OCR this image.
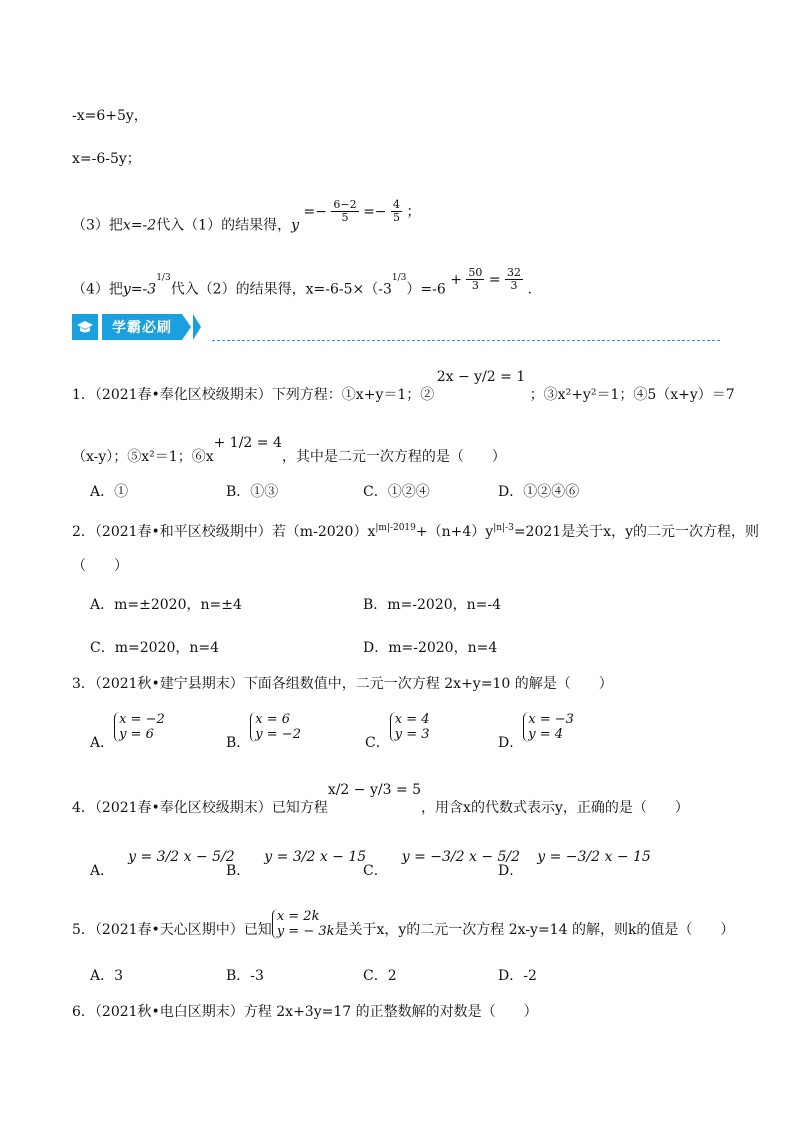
-x=6+5y，
x=-6-5y；
（3）把x=-2代入（1）的结果得，$y =- \frac{6-2}{5} =- \frac{4}{5}$ ；
（4）把$y=-3^{1/3}$代入（2）的结果得，$x=-6-5\times(-3^{1/3})=-6 + \frac{50}{3} = \frac{32}{3}$ .
学霸必刷
1．（2021春•奉化区校级期末）下列方程：①x+y＝1；② 2x − y/2 = 1 ；③x²+y²＝1；④5（x+y）＝7
（x-y）；⑤x²＝1；⑥x+ 1/2 = 4，其中是二元一次方程的是（　　）
A．①	B．①③	C．①②④	D．①②④⑥
2．（2021春•和平区校级期中）若$(m-2020)x^{|m|-2019}+(n+4)y^{|n|-3}=2021$是关于x，y的二元一次方程，则
（　　）
A．m=±2020，n=±4	B．m=-2020，n=-4
C．m=2020，n=4	D．m=-2020，n=4
3．（2021秋•建宁县期末）下面各组数值中，二元一次方程 2x+y=10 的解是（　　）
A．x = −2
y = 6
B．x = 6
y = −2
C．x = 4
y = 3
D．x = −3
y = 4
4．（2021春•奉化区校级期末）已知方程x/2 − y/3 = 5，用含x的代数式表示y，正确的是（　　）
A．y = 3/2 x − 5/2
B．y = 3/2 x − 15
C．y = −3/2 x − 5/2
D．y = −3/2 x − 15
5．（2021春•天心区期中）已知x = 2k
y = − 3k是关于x，y的二元一次方程 2x-y=14 的解，则k的值是（　　）
A．3	B．-3	C．2	D．-2
6．（2021秋•电白区期末）方程 2x+3y=17 的正整数解的对数是（　　）
